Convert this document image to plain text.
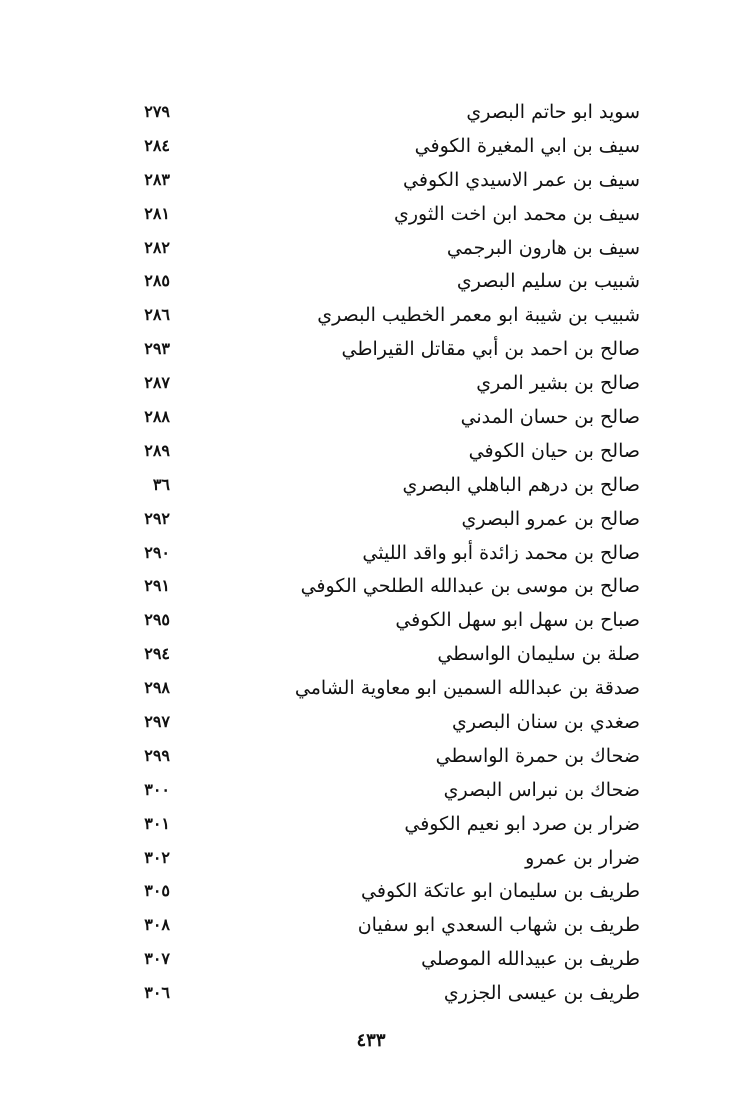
سويد ابو حاتم البصري
٢٧٩
سيف بن ابي المغيرة الكوفي
٢٨٤
سيف بن عمر الاسيدي الكوفي
٢٨٣
سيف بن محمد ابن اخت الثوري
٢٨١
سيف بن هارون البرجمي
٢٨٢
شبيب بن سليم البصري
٢٨٥
شبيب بن شيبة ابو معمر الخطيب البصري
٢٨٦
صالح بن احمد بن أبي مقاتل القيراطي
٢٩٣
صالح بن بشير المري
٢٨٧
صالح بن حسان المدني
٢٨٨
صالح بن حيان الكوفي
٢٨٩
صالح بن درهم الباهلي البصري
٣٦
صالح بن عمرو البصري
٢٩٢
صالح بن محمد زائدة أبو واقد الليثي
٢٩٠
صالح بن موسى بن عبدالله الطلحي الكوفي
٢٩١
صباح بن سهل ابو سهل الكوفي
٢٩٥
صلة بن سليمان الواسطي
٢٩٤
صدقة بن عبدالله السمين ابو معاوية الشامي
٢٩٨
صغدي بن سنان البصري
٢٩٧
ضحاك بن حمرة الواسطي
٢٩٩
ضحاك بن نبراس البصري
٣٠٠
ضرار بن صرد ابو نعيم الكوفي
٣٠١
ضرار بن عمرو
٣٠٢
طريف بن سليمان ابو عاتكة الكوفي
٣٠٥
طريف بن شهاب السعدي ابو سفيان
٣٠٨
طريف بن عبيدالله الموصلي
٣٠٧
طريف بن عيسى الجزري
٣٠٦
٤٣٣
